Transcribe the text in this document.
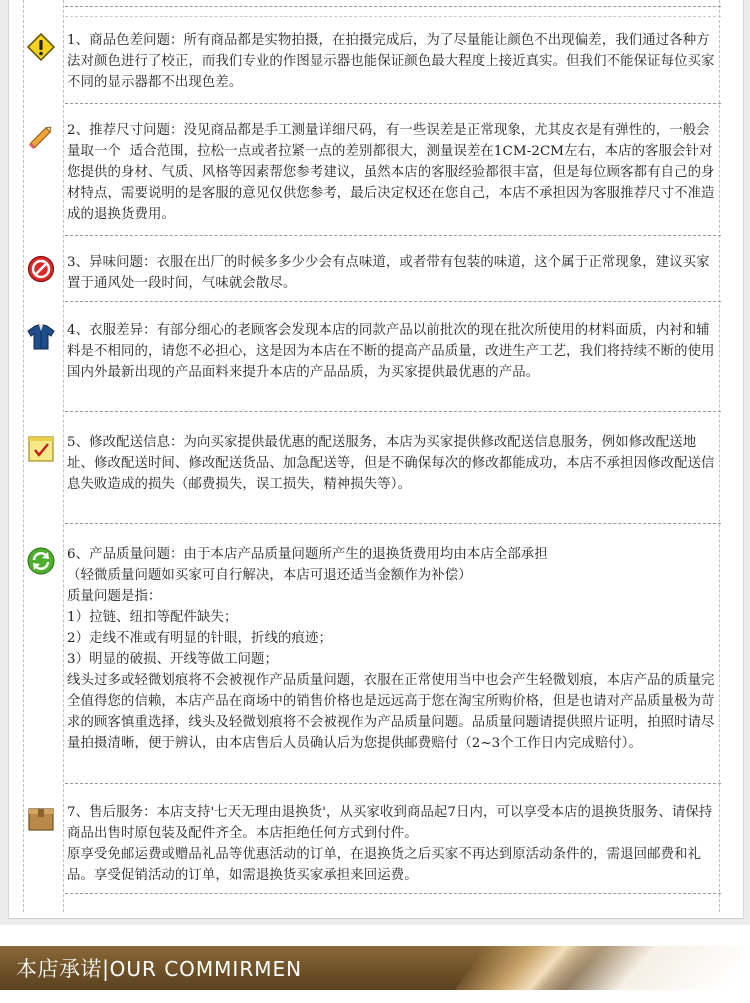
1、商品色差问题：所有商品都是实物拍摄，在拍摄完成后，为了尽量能让颜色不出现偏差，我们通过各种方法对颜色进行了校正，而我们专业的作图显示器也能保证颜色最大程度上接近真实。但我们不能保证每位买家不同的显示器都不出现色差。
2、推荐尺寸问题：没见商品都是手工测量详细尺码，有一些误差是正常现象，尤其皮衣是有弹性的，一般会量取一个  适合范围，拉松一点或者拉紧一点的差别都很大，测量误差在1CM-2CM左右，本店的客服会针对您提供的身材、气质、风格等因素帮您参考建议，虽然本店的客服经验都很丰富，但是每位顾客都有自己的身材特点，需要说明的是客服的意见仅供您参考，最后决定权还在您自己，本店不承担因为客服推荐尺寸不准造成的退换货费用。
3、异味问题：衣服在出厂的时候多多少少会有点味道，或者带有包装的味道，这个属于正常现象，建议买家置于通风处一段时间，气味就会散尽。
4、衣服差异：有部分细心的老顾客会发现本店的同款产品以前批次的现在批次所使用的材料面质，内衬和辅料是不相同的，请您不必担心，这是因为本店在不断的提高产品质量，改进生产工艺，我们将持续不断的使用国内外最新出现的产品面料来提升本店的产品品质，为买家提供最优惠的产品。
5、修改配送信息：为向买家提供最优惠的配送服务，本店为买家提供修改配送信息服务，例如修改配送地址、修改配送时间、修改配送货品、加急配送等，但是不确保每次的修改都能成功，本店不承担因修改配送信息失败造成的损失（邮费损失，误工损失，精神损失等）。
6、产品质量问题：由于本店产品质量问题所产生的退换货费用均由本店全部承担
（轻微质量问题如买家可自行解决，本店可退还适当金额作为补偿）
质量问题是指：
1）拉链、纽扣等配件缺失；
2）走线不准或有明显的针眼，折线的痕迹；
3）明显的破损、开线等做工问题；
线头过多或轻微划痕将不会被视作产品质量问题，衣服在正常使用当中也会产生轻微划痕，本店产品的质量完全值得您的信赖，本店产品在商场中的销售价格也是远远高于您在淘宝所购价格，但是也请对产品质量极为苛求的顾客慎重选择，线头及轻微划痕将不会被视作为产品质量问题。品质量问题请提供照片证明，拍照时请尽量拍摄清晰，便于辨认，由本店售后人员确认后为您提供邮费赔付（2~3个工作日内完成赔付）。
7、售后服务：本店支持'七天无理由退换货'，从买家收到商品起7日内，可以享受本店的退换货服务、请保持商品出售时原包装及配件齐全。本店拒绝任何方式到付件。
原享受免邮运费或赠品礼品等优惠活动的订单，在退换货之后买家不再达到原活动条件的，需退回邮费和礼品。享受促销活动的订单，如需退换货买家承担来回运费。
本店承诺|OUR COMMIRMEN
